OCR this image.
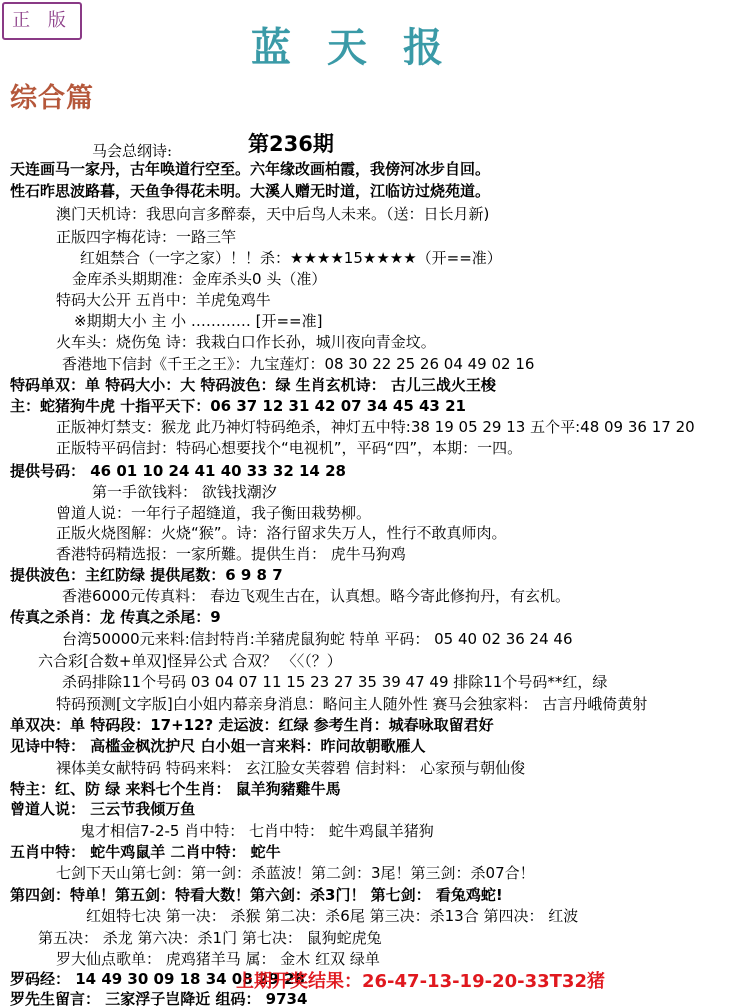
正 版
蓝天报
综合篇
第236期
马会总纲诗:
天连画马一家丹，古年唤道行空至。六年缘改画柏霞，我傍河冰步自回。
性石昨思波路暮，天鱼争得花未明。大溪人赠无时道，江临访过烧苑道。
澳门天机诗：我思向言多醉泰，天中后鸟人未来。（送：日长月新)
正版四字梅花诗：一路三竿
红姐禁合（一字之家）！！杀：★★★★15★★★★（开==准）
金库杀头期期准：金库杀头0 头（准）
特码大公开 五肖中：羊虎兔鸡牛
※期期大小 主 小 ………… [开==准]
火车头：烧伤兔 诗：我栽白口作长孙，城川夜向青金坟。
香港地下信封《千王之王》：九宝莲灯：08 30 22 25 26 04 49 02 16
特码单双：单 特码大小：大 特码波色：绿 生肖玄机诗： 古儿三战火王梭
主：蛇猪狗牛虎 十指平天下：06 37 12 31 42 07 34 45 43 21
正版神灯禁支：猴龙 此乃神灯特码绝杀，神灯五中特:38 19 05 29 13 五个平:48 09 36 17 20
正版特平码信封：特码心想要找个“电视机”，平码“四”，本期：一四。
提供号码： 46 01 10 24 41 40 33 32 14 28
第一手欲钱料： 欲钱找潮汐
曾道人说：一年行子超缝道，我子衡田栽势柳。
正版火烧图解：火烧“猴”。诗：洛行留求失万人，性行不敢真师肉。
香港特码精选报：一家所難。提供生肖： 虎牛马狗鸡
提供波色：主红防绿 提供尾数：6 9 8 7
香港6000元传真料： 春边飞观生古在，认真想。略今寄此修拘丹，有玄机。
传真之杀肖：龙 传真之杀尾：9
台湾50000元来料:信封特肖:羊豬虎鼠狗蛇 特单 平码： 05 40 02 36 24 46
六合彩[合数+单双]怪异公式 合双？ 〈〈（？）
杀码排除11个号码 03 04 07 11 15 23 27 35 39 47 49 排除11个号码**红，绿
特码预测[文字版]白小姐内幕亲身消息：略问主人随外性 赛马会独家料： 古言丹峨倚黄射
单双决：单 特码段：17+12? 走运波：红绿 参考生肖：城春咏取留君好
见诗中特： 高槛金枫沈护尺 白小姐一言来料：昨问故朝歌雁人
裸体美女献特码 特码来料： 玄江脸女芙蓉碧 信封料： 心家预与朝仙俊
特主：红、防 绿 来料七个生肖： 鼠羊狗豬雞牛馬
曾道人说： 三云节我倾万鱼
鬼才相信7-2-5 肖中特： 七肖中特： 蛇牛鸡鼠羊猪狗
五肖中特： 蛇牛鸡鼠羊 二肖中特： 蛇牛
七剑下天山第七剑：第一剑：杀蓝波！第二剑：3尾！第三剑：杀07合！
第四剑：特单！第五剑：特看大数！第六剑：杀3门！ 第七剑： 看兔鸡蛇!
红姐特七决 第一决： 杀猴 第二决：杀6尾 第三决：杀13合 第四决： 红波
第五决： 杀龙 第六决：杀1门 第七决： 鼠狗蛇虎兔
罗大仙点歌单： 虎鸡猪羊马 属： 金木 红双 绿单
罗码经： 14 49 30 09 18 34 08 29 28
罗先生留言： 三家浮子岂降近 组码： 9734
上期开奖结果：26-47-13-19-20-33T32猪
